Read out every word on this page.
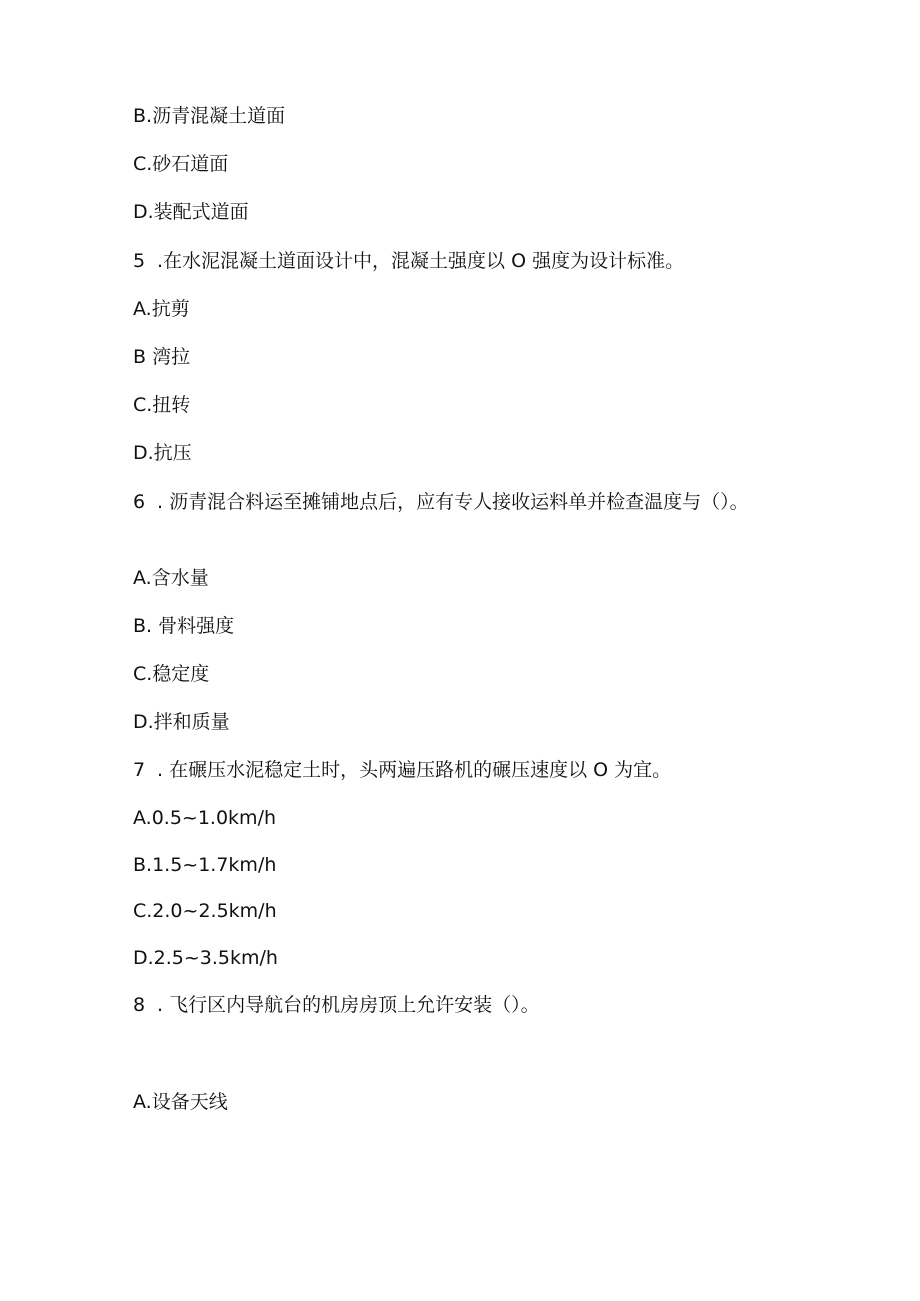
B.沥青混凝土道面
C.砂石道面
D.装配式道面
5 .在水泥混凝土道面设计中，混凝土强度以 O 强度为设计标准。
A.抗剪
B 湾拉
C.扭转
D.抗压
6 . 沥青混合料运至摊铺地点后，应有专人接收运料单并检查温度与（）。
A.含水量
B. 骨料强度
C.稳定度
D.拌和质量
7 . 在碾压水泥稳定土时，头两遍压路机的碾压速度以 O 为宜。
A.0.5~1.0km∕h
B.1.5~1.7km∕h
C.2.0~2.5km∕h
D.2.5~3.5km∕h
8 . 飞行区内导航台的机房房顶上允许安装（）。
A.设备天线
